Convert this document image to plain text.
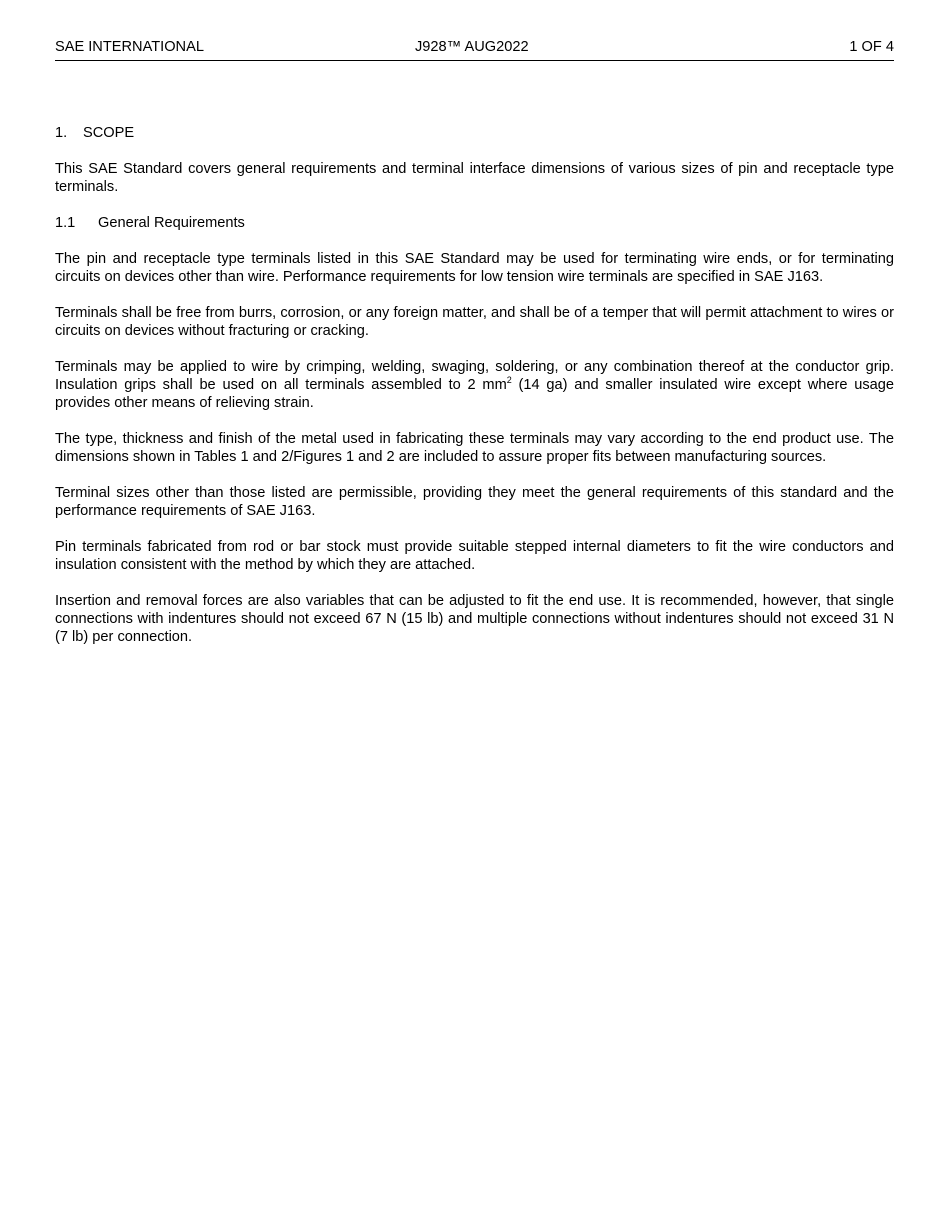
SAE INTERNATIONAL	J928™ AUG2022	1 OF 4
1. SCOPE

This SAE Standard covers general requirements and terminal interface dimensions of various sizes of pin and receptacle type terminals.

1.1 General Requirements

The pin and receptacle type terminals listed in this SAE Standard may be used for terminating wire ends, or for terminating circuits on devices other than wire. Performance requirements for low tension wire terminals are specified in SAE J163.

Terminals shall be free from burrs, corrosion, or any foreign matter, and shall be of a temper that will permit attachment to wires or circuits on devices without fracturing or cracking.

Terminals may be applied to wire by crimping, welding, swaging, soldering, or any combination thereof at the conductor grip. Insulation grips shall be used on all terminals assembled to 2 $mm^2$ (14 ga) and smaller insulated wire except where usage provides other means of relieving strain.

The type, thickness and finish of the metal used in fabricating these terminals may vary according to the end product use. The dimensions shown in Tables 1 and 2/Figures 1 and 2 are included to assure proper fits between manufacturing sources.

Terminal sizes other than those listed are permissible, providing they meet the general requirements of this standard and the performance requirements of SAE J163.

Pin terminals fabricated from rod or bar stock must provide suitable stepped internal diameters to fit the wire conductors and insulation consistent with the method by which they are attached.

Insertion and removal forces are also variables that can be adjusted to fit the end use. It is recommended, however, that single connections with indentures should not exceed 67 N (15 lb) and multiple connections without indentures should not exceed 31 N (7 lb) per connection.
